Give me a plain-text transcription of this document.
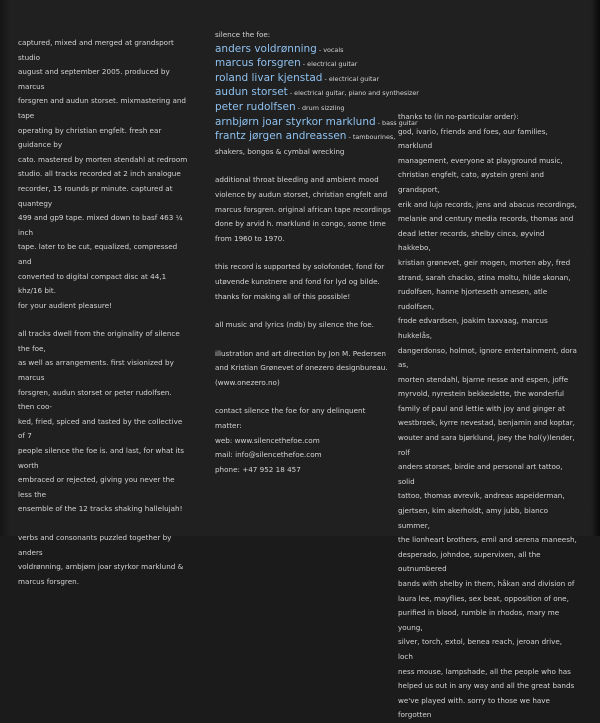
captured, mixed and merged at grandsport studio

august and september 2005. produced by marcus

forsgren and audun storset. mixmastering and tape

operating by christian engfelt. fresh ear guidance by

cato. mastered by morten stendahl at redroom

studio. all tracks recorded at 2 inch analogue

recorder, 15 rounds pr minute. captured at quantegy

499 and gp9 tape. mixed down to basf 463 ¼ inch

tape. later to be cut, equalized, compressed and

converted to digital compact disc at 44,1 khz/16 bit.

for your audient pleasure!

all tracks dwell from the originality of silence the foe,

as well as arrangements. first visionized by marcus

forsgren, audun storset or peter rudolfsen. then coo-

ked, fried, spiced and tasted by the collective of 7

people silence the foe is. and last, for what its worth

embraced or rejected, giving you never the less the

ensemble of the 12 tracks shaking hallelujah!

verbs and consonants puzzled together by anders

voldrønning, arnbjørn joar styrkor marklund &

marcus forsgren.

silence the foe:

anders voldrønning - vocals
marcus forsgren - electrical guitar
roland livar kjenstad - electrical guitar
audun storset - electrical guitar, piano and synthesizer
peter rudolfsen - drum sizzling
arnbjørn joar styrkor marklund - bass guitar
frantz jørgen andreassen - tambourines,

shakers, bongos & cymbal wrecking

additional throat bleeding and ambient mood

violence by audun storset, christian engfelt and

marcus forsgren. original african tape recordings

done by arvid h. marklund in congo, some time

from 1960 to 1970.

this record is supported by solofondet, fond for

utøvende kunstnere and fond for lyd og bilde.

thanks for making all of this possible!

all music and lyrics (ndb) by silence the foe.

illustration and art direction by Jon M. Pedersen

and Kristian Grønevet of onezero designbureau.

(www.onezero.no)

contact silence the foe for any delinquent matter:

web: www.silencethefoe.com

mail: info@silencethefoe.com

phone: +47 952 18 457

thanks to (in no-particular order):

god, ivario, friends and foes, our families, marklund

management, everyone at playground music,

christian engfelt, cato, øystein greni and grandsport,

erik and lujo records, jens and abacus recordings,

melanie and century media records, thomas and

dead letter records, shelby cinca, øyvind hakkebo,

kristian grønevet, geir mogen, morten øby, fred

strand, sarah chacko, stina moltu, hilde skonan,

rudolfsen, hanne hjorteseth arnesen, atle rudolfsen,

frode edvardsen, joakim taxvaag, marcus hukkelås,

dangerdonso, holmot, ignore entertainment, dora as,

morten stendahl, bjarne nesse and espen, joffe

myrvold, nyrestein bekkeslette, the wonderful

family of paul and lettie with joy and ginger at

westbroek, kyrre nevestad, benjamin and koptar,

wouter and sara bjørklund, joey the hol(y)lender, rolf

anders storset, birdie and personal art tattoo, solid

tattoo, thomas øvrevik, andreas aspeiderman,

gjertsen, kim akerholdt, amy jubb, bianco summer,

the lionheart brothers, emil and serena maneesh,

desperado, johndoe, supervixen, all the outnumbered

bands with shelby in them, håkan and division of

laura lee, mayflies, sex beat, opposition of one,

purified in blood, rumble in rhodos, mary me young,

silver, torch, extol, benea reach, jeroan drive, loch

ness mouse, lampshade, all the people who has

helped us out in any way and all the great bands

we've played with. sorry to those we have forgotten
